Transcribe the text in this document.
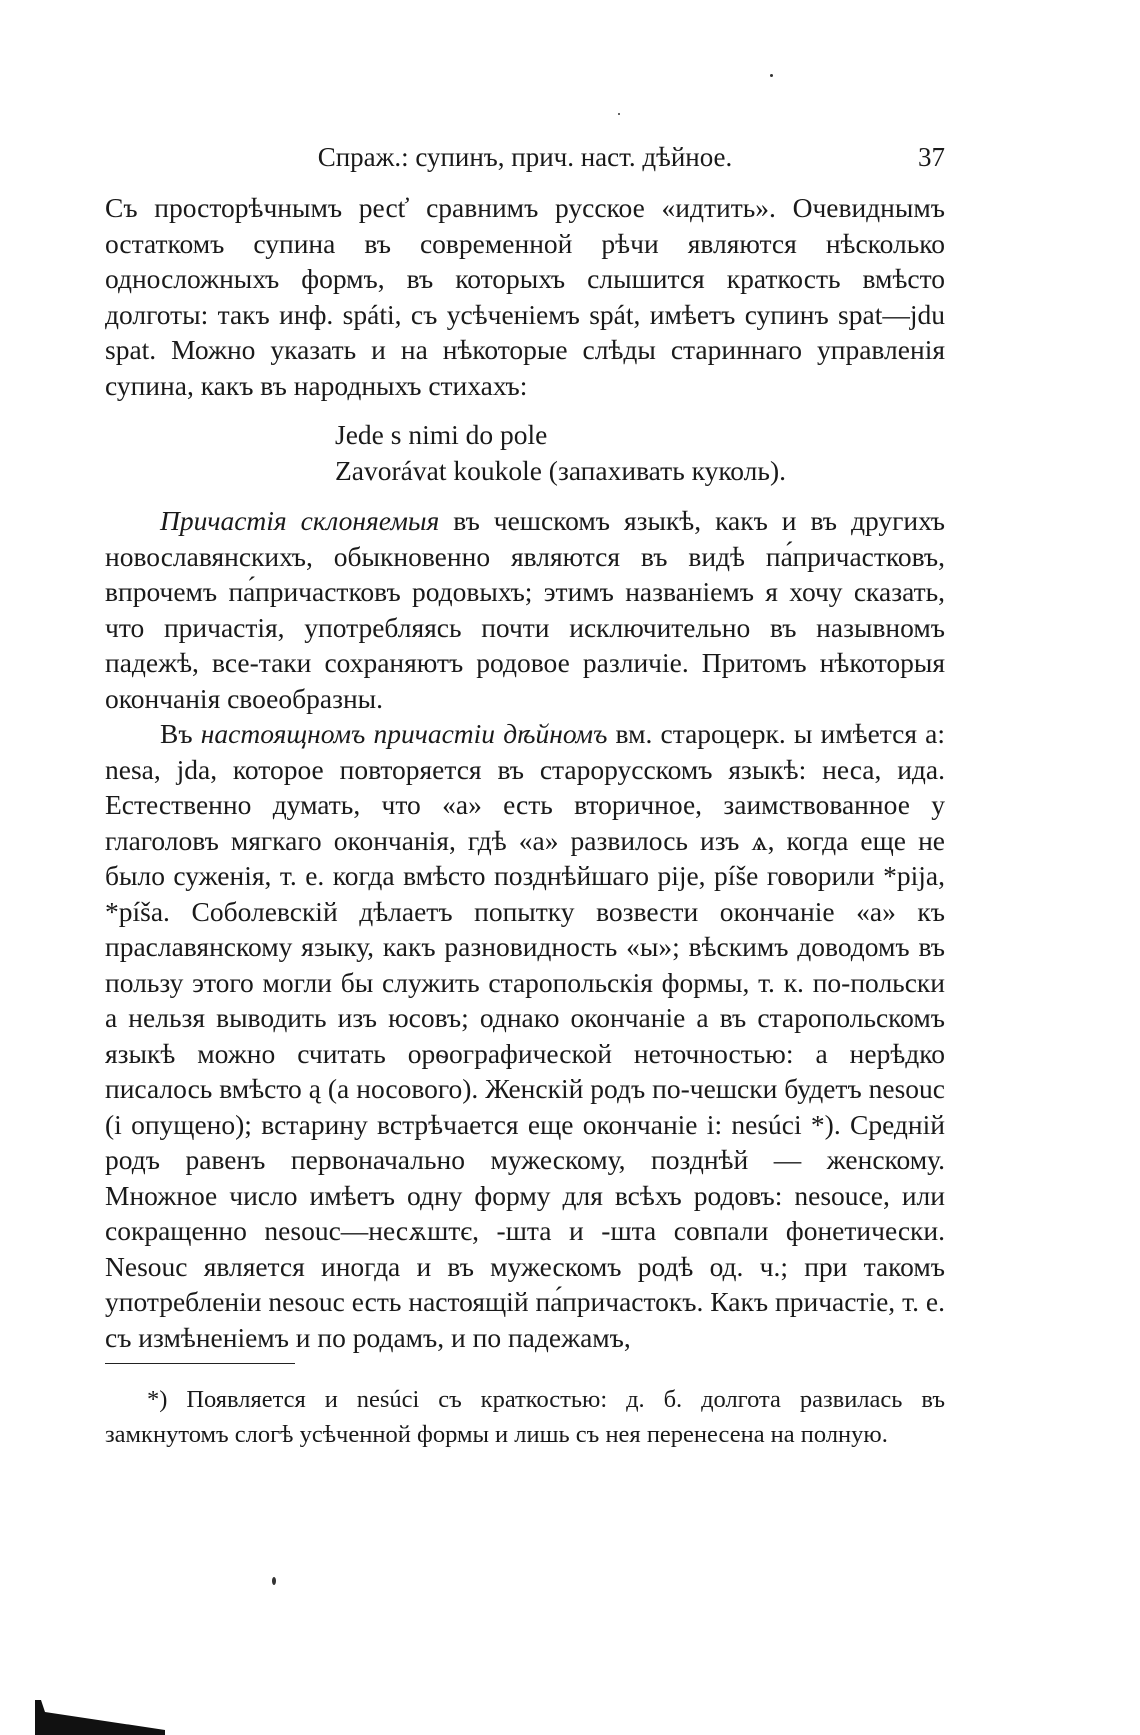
Спраж.: супинъ, прич. наст. дѣйное.	37

Съ просторѣчнымъ ресť сравнимъ русское «идтить». Очевиднымъ остаткомъ супина въ современной рѣчи являются нѣсколько односложныхъ формъ, въ которыхъ слышится краткость вмѣсто долготы: такъ инф. spáti, съ усѣченіемъ spát, имѣетъ супинъ spat—jdu spat. Можно указать и на нѣкоторые слѣды стариннаго управленія супина, какъ въ народныхъ стихахъ:

Jede s nimi do pole
Zavorávat koukole (запахивать куколь).

Причастія склоняемыя въ чешскомъ языкѣ, какъ и въ другихъ новославянскихъ, обыкновенно являются въ видѣ па́причастковъ, впрочемъ па́причастковъ родовыхъ; этимъ названіемъ я хочу сказать, что причастія, употребляясь почти исключительно въ назывномъ падежѣ, все-таки сохраняютъ родовое различіе. Притомъ нѣкоторыя окончанія своеобразны.

Въ настоящномъ причастіи дѣйномъ вм. староцерк. ы имѣется а: nesa, jda, которое повторяется въ старорусскомъ языкѣ: неса, ида. Естественно думать, что «а» есть вторичное, заимствованное у глаголовъ мягкаго окончанія, гдѣ «а» развилось изъ ѧ, когда еще не было суженія, т. е. когда вмѣсто позднѣйшаго pije, píše говорили *pija, *píša. Соболевскій дѣлаетъ попытку возвести окончаніе «а» къ праславянскому языку, какъ разновидность «ы»; вѣскимъ доводомъ въ пользу этого могли бы служить старопольскія формы, т. к. по-польски а нельзя выводить изъ юсовъ; однако окончаніе а въ старопольскомъ языкѣ можно считать орѳографической неточностью: а нерѣдко писалось вмѣсто ą (а носового). Женскій родъ по-чешски будетъ nesouc (i опущено); встарину встрѣчается еще окончаніе i: nesúci *). Средній родъ равенъ первоначально мужескому, позднѣй — женскому. Множное число имѣетъ одну форму для всѣхъ родовъ: nesouce, или сокращенно nesouc—несѫштє, -шта и -шта совпали фонетически. Nesouc является иногда и въ мужескомъ родѣ од. ч.; при такомъ употребленіи nesouc есть настоящій па́причастокъ. Какъ причастіе, т. е. съ измѣненіемъ и по родамъ, и по падежамъ,

*) Появляется и nesúci съ краткостью: д. б. долгота развилась въ замкнутомъ слогѣ усѣченной формы и лишь съ нея перенесена на полную.
